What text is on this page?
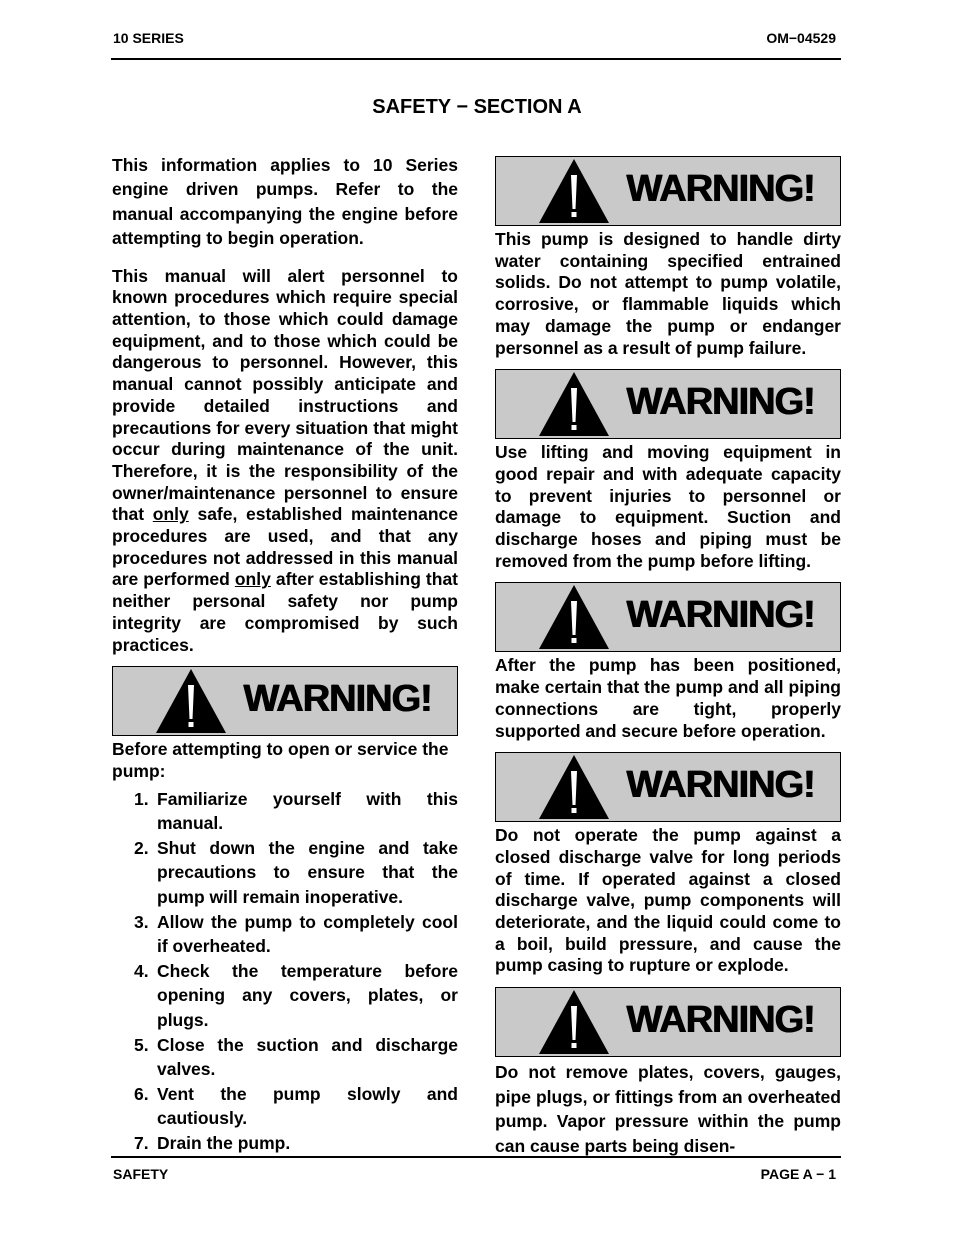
10 SERIES	OM−04529
SAFETY − SECTION A

This information applies to 10 Series engine driven pumps. Refer to the manual accompanying the engine before attempting to begin operation.

This manual will alert personnel to known procedures which require special attention, to those which could damage equipment, and to those which could be dangerous to personnel. However, this manual cannot possibly anticipate and provide detailed instructions and precautions for every situation that might occur during maintenance of the unit. Therefore, it is the responsibility of the owner/maintenance personnel to ensure that only safe, established maintenance procedures are used, and that any procedures not addressed in this manual are performed only after establishing that neither personal safety nor pump integrity are compromised by such practices.

WARNING!

Before attempting to open or service the pump:

1. Familiarize yourself with this manual.
2. Shut down the engine and take precautions to ensure that the pump will remain inoperative.
3. Allow the pump to completely cool if overheated.
4. Check the temperature before opening any covers, plates, or plugs.
5. Close the suction and discharge valves.
6. Vent the pump slowly and cautiously.
7. Drain the pump.
WARNING!

This pump is designed to handle dirty water containing specified entrained solids. Do not attempt to pump volatile, corrosive, or flammable liquids which may damage the pump or endanger personnel as a result of pump failure.

WARNING!

Use lifting and moving equipment in good repair and with adequate capacity to prevent injuries to personnel or damage to equipment. Suction and discharge hoses and piping must be removed from the pump before lifting.

WARNING!

After the pump has been positioned, make certain that the pump and all piping connections are tight, properly supported and secure before operation.

WARNING!

Do not operate the pump against a closed discharge valve for long periods of time. If operated against a closed discharge valve, pump components will deteriorate, and the liquid could come to a boil, build pressure, and cause the pump casing to rupture or explode.

WARNING!

Do not remove plates, covers, gauges, pipe plugs, or fittings from an overheated pump. Vapor pressure within the pump can cause parts being disen-

SAFETY	PAGE A − 1
